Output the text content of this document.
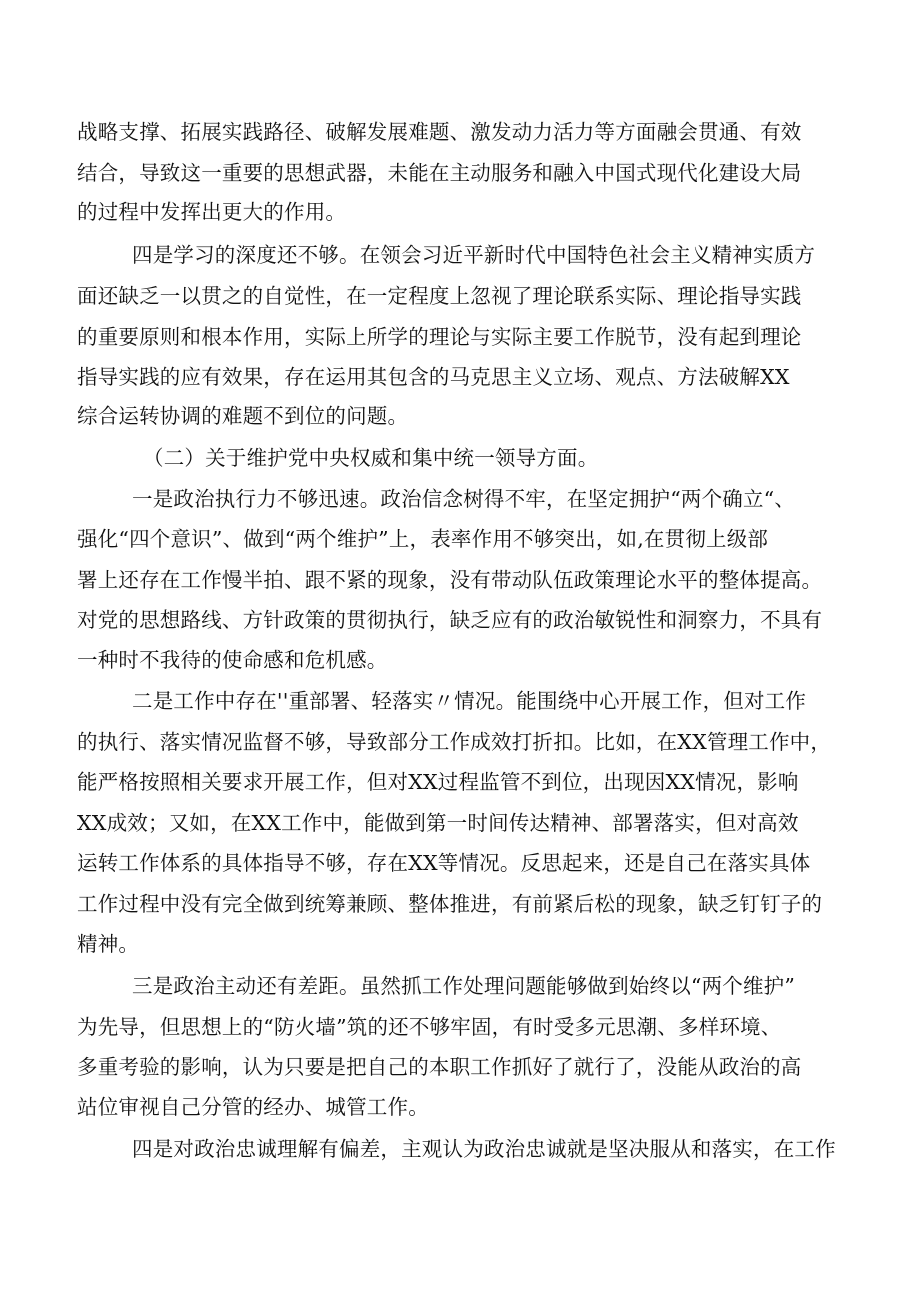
战略支撑、拓展实践路径、破解发展难题、激发动力活力等方面融会贯通、有效
结合，导致这一重要的思想武器，未能在主动服务和融入中国式现代化建设大局
的过程中发挥出更大的作用。
四是学习的深度还不够。在领会习近平新时代中国特色社会主义精神实质方
面还缺乏一以贯之的自觉性，在一定程度上忽视了理论联系实际、理论指导实践
的重要原则和根本作用，实际上所学的理论与实际主要工作脱节，没有起到理论
指导实践的应有效果，存在运用其包含的马克思主义立场、观点、方法破解XX
综合运转协调的难题不到位的问题。
（二）关于维护党中央权威和集中统一领导方面。
一是政治执行力不够迅速。政治信念树得不牢，在坚定拥护“两个确立“、
强化“四个意识”、做到“两个维护”上，表率作用不够突出，如,在贯彻上级部
署上还存在工作慢半拍、跟不紧的现象，没有带动队伍政策理论水平的整体提高。
对党的思想路线、方针政策的贯彻执行，缺乏应有的政治敏锐性和洞察力，不具有
一种时不我待的使命感和危机感。
二是工作中存在''重部署、轻落实〃情况。能围绕中心开展工作，但对工作
的执行、落实情况监督不够，导致部分工作成效打折扣。比如，在XX管理工作中，
能严格按照相关要求开展工作，但对XX过程监管不到位，出现因XX情况，影响
XX成效；又如，在XX工作中，能做到第一时间传达精神、部署落实，但对高效
运转工作体系的具体指导不够，存在XX等情况。反思起来，还是自己在落实具体
工作过程中没有完全做到统筹兼顾、整体推进，有前紧后松的现象，缺乏钉钉子的
精神。
三是政治主动还有差距。虽然抓工作处理问题能够做到始终以“两个维护”
为先导，但思想上的“防火墙”筑的还不够牢固，有时受多元思潮、多样环境、
多重考验的影响，认为只要是把自己的本职工作抓好了就行了，没能从政治的高
站位审视自己分管的经办、城管工作。
四是对政治忠诚理解有偏差，主观认为政治忠诚就是坚决服从和落实，在工作
